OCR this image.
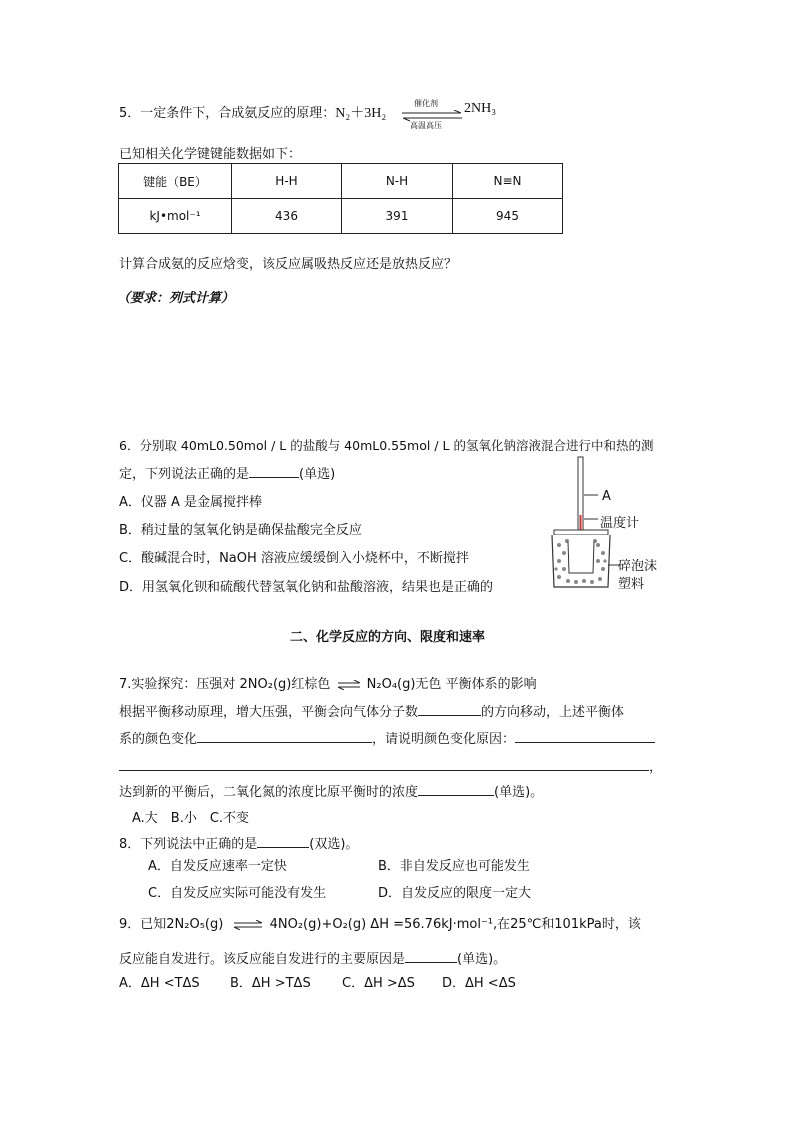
5．一定条件下，合成氨反应的原理：N₂＋3H₂
催化剂
高温高压
2NH₃
已知相关化学键键能数据如下：
键能（BE）	H-H	N-H	N≡N
kJ•mol⁻¹	436	391	945
计算合成氨的反应焓变，该反应属吸热反应还是放热反应？
（要求：列式计算）
6．分别取 40mL0.50mol / L 的盐酸与 40mL0.55mol / L 的氢氧化钠溶液混合进行中和热的测
定，下列说法正确的是	(单选)
A．仪器 A 是金属搅拌棒
B．稍过量的氢氧化钠是确保盐酸完全反应
C．酸碱混合时，NaOH 溶液应缓缓倒入小烧杯中，不断搅拌
D．用氢氧化钡和硫酸代替氢氧化钠和盐酸溶液，结果也是正确的
A
温度计
碎泡沫
塑料
二、化学反应的方向、限度和速率
7.实验探究：压强对 2NO₂(g)红棕色 ⇌ N₂O₄(g)无色 平衡体系的影响
根据平衡移动原理，增大压强，平衡会向气体分子数	的方向移动，上述平衡体
系的颜色变化	，请说明颜色变化原因：
，
达到新的平衡后，二氧化氮的浓度比原平衡时的浓度	(单选)。
A.大　B.小　C.不变
8．下列说法中正确的是	(双选)。
A．自发反应速率一定快	B．非自发反应也可能发生
C．自发反应实际可能没有发生	D．自发反应的限度一定大
9．已知2N₂O₅(g) ⇌ 4NO₂(g)+O₂(g) ΔH =56.76kJ·mol⁻¹,在25℃和101kPa时，该
反应能自发进行。该反应能自发进行的主要原因是	(单选)。
A．ΔH <TΔS B．ΔH >TΔS C．ΔH >ΔS D．ΔH <ΔS
